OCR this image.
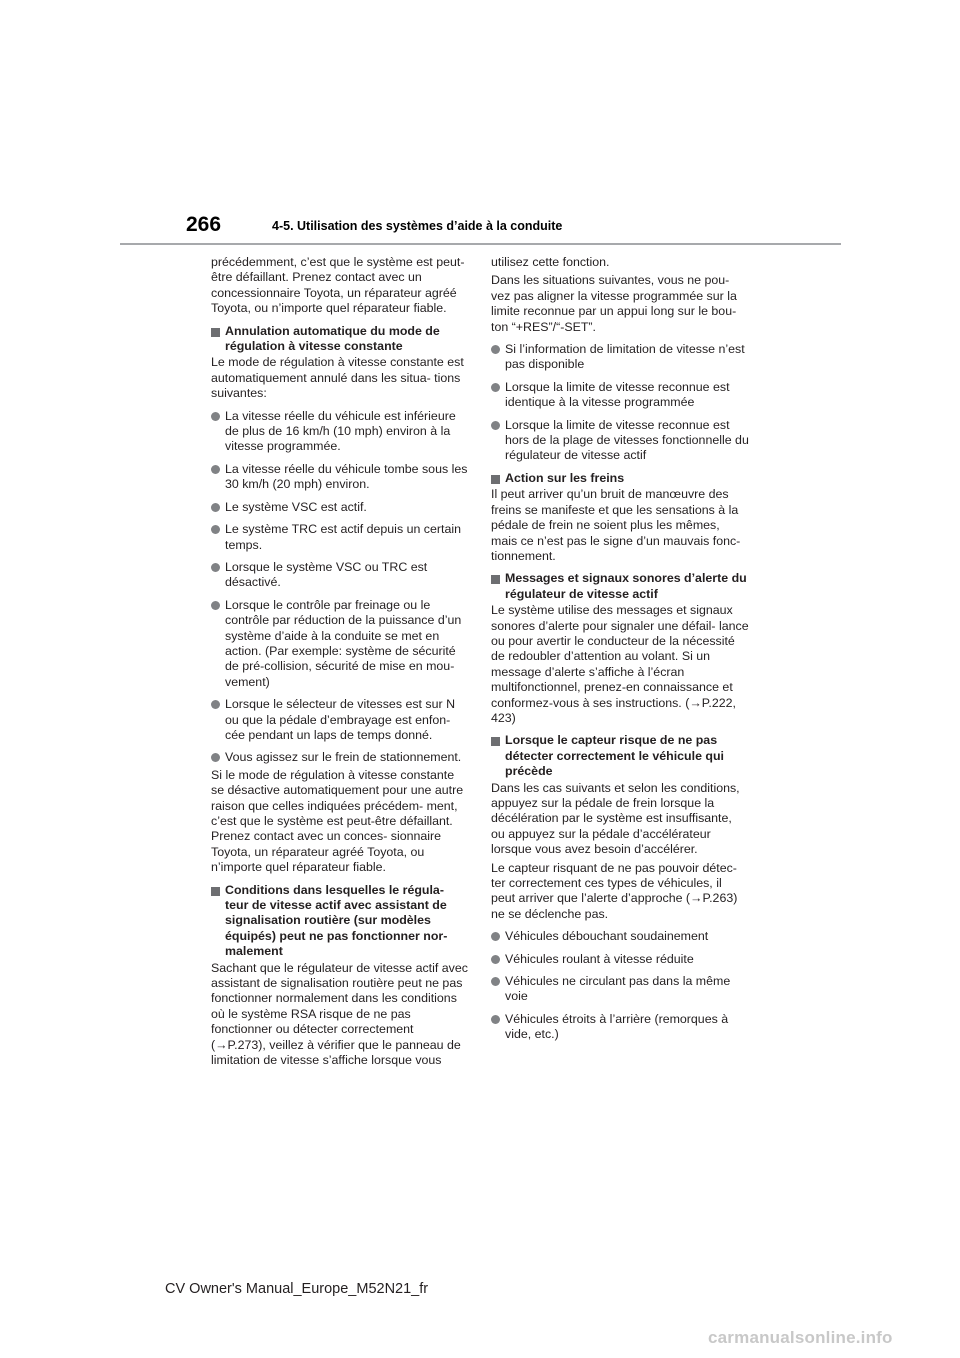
266	4-5. Utilisation des systèmes d’aide à la conduite

précédemment, c’est que le système est peut-être défaillant. Prenez contact avec un concessionnaire Toyota, un réparateur agréé Toyota, ou n’importe quel réparateur fiable.

Annulation automatique du mode de régulation à vitesse constante

Le mode de régulation à vitesse constante est automatiquement annulé dans les situa- tions suivantes:

La vitesse réelle du véhicule est inférieure de plus de 16 km/h (10 mph) environ à la vitesse programmée.
La vitesse réelle du véhicule tombe sous les 30 km/h (20 mph) environ.
Le système VSC est actif.
Le système TRC est actif depuis un certain temps.
Lorsque le système VSC ou TRC est désactivé.
Lorsque le contrôle par freinage ou le contrôle par réduction de la puissance d’un système d’aide à la conduite se met en action. (Par exemple: système de sécurité de pré-collision, sécurité de mise en mou- vement)
Lorsque le sélecteur de vitesses est sur N ou que la pédale d’embrayage est enfon- cée pendant un laps de temps donné.
Vous agissez sur le frein de stationnement.

Si le mode de régulation à vitesse constante se désactive automatiquement pour une autre raison que celles indiquées précédem- ment, c’est que le système est peut-être défaillant. Prenez contact avec un conces- sionnaire Toyota, un réparateur agréé Toyota, ou n’importe quel réparateur fiable.

Conditions dans lesquelles le régula- teur de vitesse actif avec assistant de signalisation routière (sur modèles équipés) peut ne pas fonctionner nor- malement

Sachant que le régulateur de vitesse actif avec assistant de signalisation routière peut ne pas fonctionner normalement dans les conditions où le système RSA risque de ne pas fonctionner ou détecter correctement (→P.273), veillez à vérifier que le panneau de limitation de vitesse s’affiche lorsque vous

utilisez cette fonction.

Dans les situations suivantes, vous ne pou- vez pas aligner la vitesse programmée sur la limite reconnue par un appui long sur le bou- ton “+RES”/“-SET”.

Si l’information de limitation de vitesse n’est pas disponible
Lorsque la limite de vitesse reconnue est identique à la vitesse programmée
Lorsque la limite de vitesse reconnue est hors de la plage de vitesses fonctionnelle du régulateur de vitesse actif
Action sur les freins

Il peut arriver qu’un bruit de manœuvre des freins se manifeste et que les sensations à la pédale de frein ne soient plus les mêmes, mais ce n’est pas le signe d’un mauvais fonc- tionnement.

Messages et signaux sonores d’alerte du régulateur de vitesse actif

Le système utilise des messages et signaux sonores d’alerte pour signaler une défail- lance ou pour avertir le conducteur de la nécessité de redoubler d’attention au volant. Si un message d’alerte s’affiche à l’écran multifonctionnel, prenez-en connaissance et conformez-vous à ses instructions. (→P.222, 423)

Lorsque le capteur risque de ne pas détecter correctement le véhicule qui précède

Dans les cas suivants et selon les conditions, appuyez sur la pédale de frein lorsque la décélération par le système est insuffisante, ou appuyez sur la pédale d’accélérateur lorsque vous avez besoin d’accélérer.

Le capteur risquant de ne pas pouvoir détec- ter correctement ces types de véhicules, il peut arriver que l’alerte d’approche (→P.263) ne se déclenche pas.

Véhicules débouchant soudainement
Véhicules roulant à vitesse réduite
Véhicules ne circulant pas dans la même voie
Véhicules étroits à l’arrière (remorques à vide, etc.)
CV Owner's Manual_Europe_M52N21_fr
carmanualsonline.info
